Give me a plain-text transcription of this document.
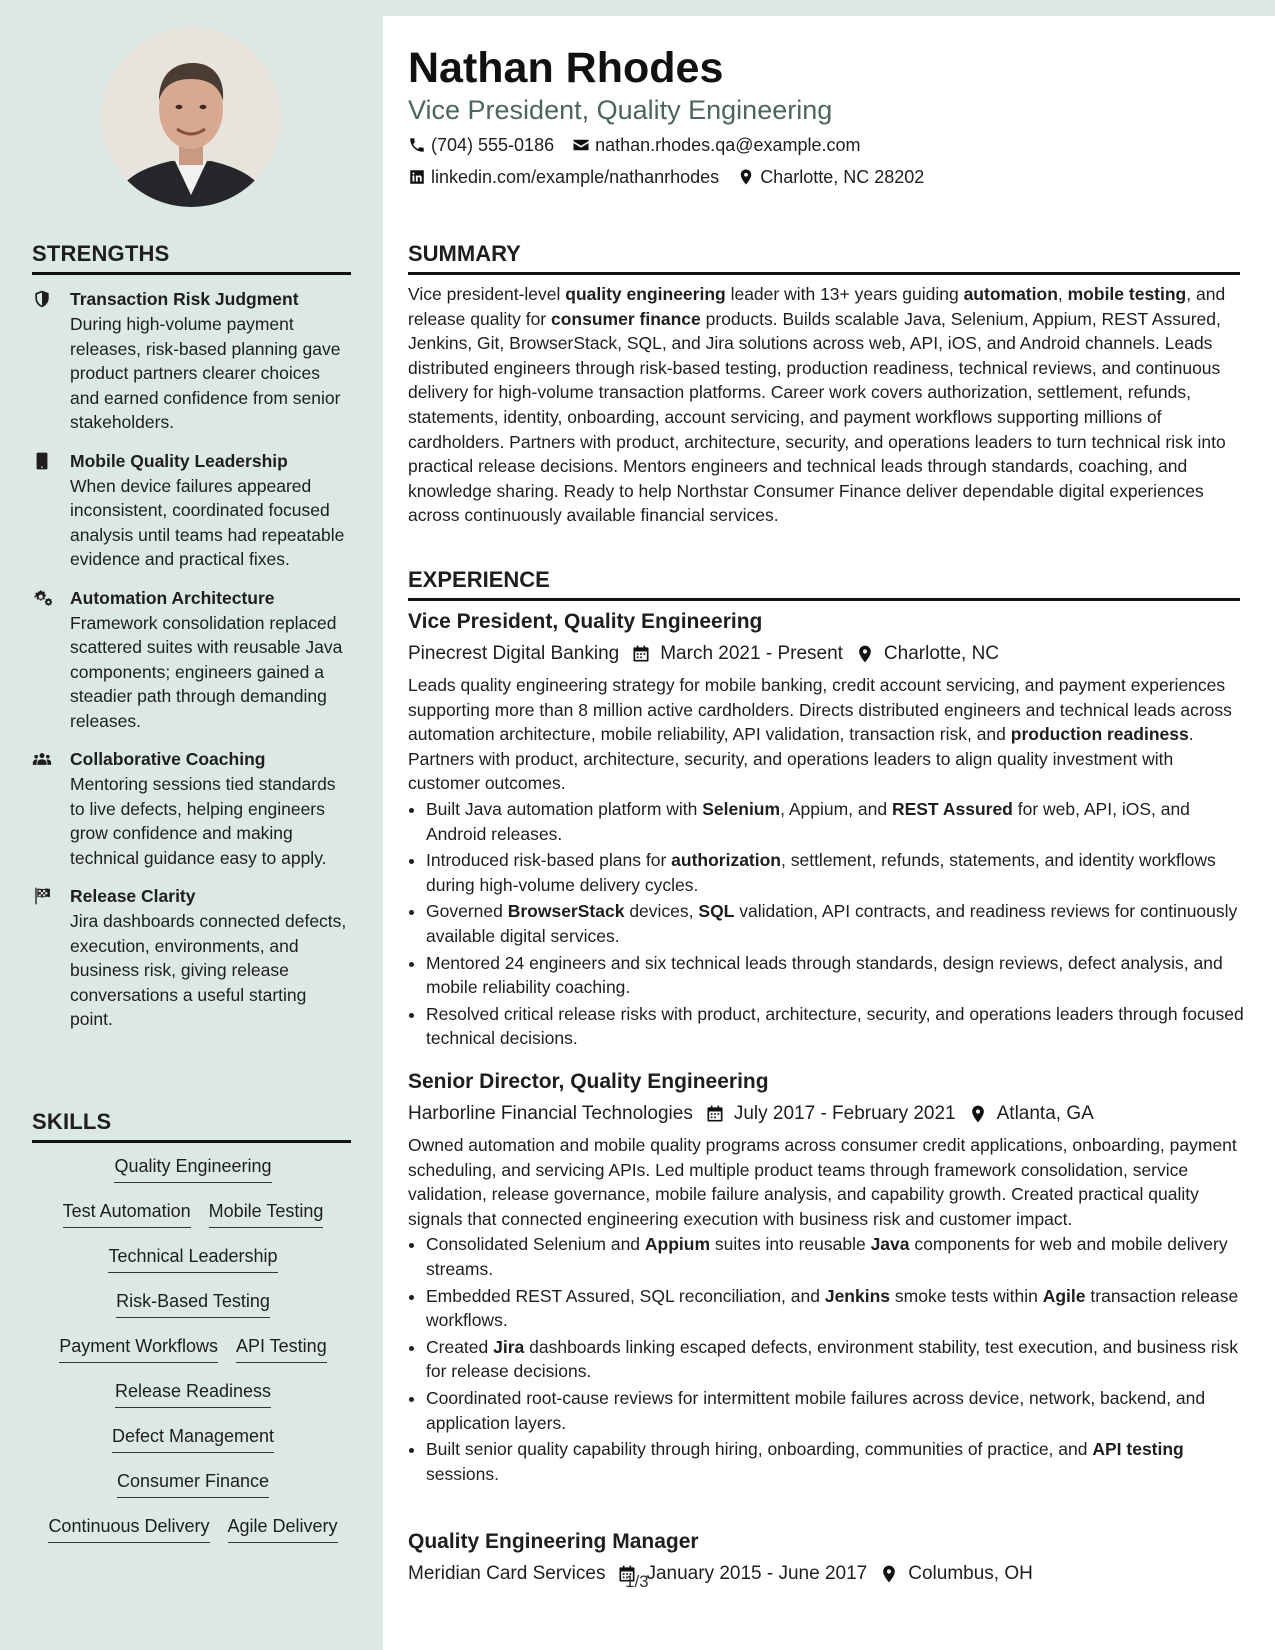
STRENGTHS
Transaction Risk Judgment
During high-volume payment releases, risk-based planning gave product partners clearer choices and earned confidence from senior stakeholders.
Mobile Quality Leadership
When device failures appeared inconsistent, coordinated focused analysis until teams had repeatable evidence and practical fixes.
Automation Architecture
Framework consolidation replaced scattered suites with reusable Java components; engineers gained a steadier path through demanding releases.
Collaborative Coaching
Mentoring sessions tied standards to live defects, helping engineers grow confidence and making technical guidance easy to apply.
Release Clarity
Jira dashboards connected defects, execution, environments, and business risk, giving release conversations a useful starting point.
SKILLS
Quality Engineering
Test Automation Mobile Testing
Technical Leadership
Risk-Based Testing
Payment Workflows API Testing
Release Readiness
Defect Management
Consumer Finance
Continuous Delivery Agile Delivery
Nathan Rhodes
Vice President, Quality Engineering
(704) 555-0186 nathan.rhodes.qa@example.com
linkedin.com/example/nathanrhodes Charlotte, NC 28202
SUMMARY
Vice president-level quality engineering leader with 13+ years guiding automation, mobile testing, and release quality for consumer finance products. Builds scalable Java, Selenium, Appium, REST Assured, Jenkins, Git, BrowserStack, SQL, and Jira solutions across web, API, iOS, and Android channels. Leads distributed engineers through risk-based testing, production readiness, technical reviews, and continuous delivery for high-volume transaction platforms. Career work covers authorization, settlement, refunds, statements, identity, onboarding, account servicing, and payment workflows supporting millions of cardholders. Partners with product, architecture, security, and operations leaders to turn technical risk into practical release decisions. Mentors engineers and technical leads through standards, coaching, and knowledge sharing. Ready to help Northstar Consumer Finance deliver dependable digital experiences across continuously available financial services.
EXPERIENCE
Vice President, Quality Engineering
Pinecrest Digital Banking March 2021 - Present Charlotte, NC
Leads quality engineering strategy for mobile banking, credit account servicing, and payment experiences supporting more than 8 million active cardholders. Directs distributed engineers and technical leads across automation architecture, mobile reliability, API validation, transaction risk, and production readiness. Partners with product, architecture, security, and operations leaders to align quality investment with customer outcomes.
• Built Java automation platform with Selenium, Appium, and REST Assured for web, API, iOS, and Android releases.
• Introduced risk-based plans for authorization, settlement, refunds, statements, and identity workflows during high-volume delivery cycles.
• Governed BrowserStack devices, SQL validation, API contracts, and readiness reviews for continuously available digital services.
• Mentored 24 engineers and six technical leads through standards, design reviews, defect analysis, and mobile reliability coaching.
• Resolved critical release risks with product, architecture, security, and operations leaders through focused technical decisions.
Senior Director, Quality Engineering
Harborline Financial Technologies July 2017 - February 2021 Atlanta, GA
Owned automation and mobile quality programs across consumer credit applications, onboarding, payment scheduling, and servicing APIs. Led multiple product teams through framework consolidation, service validation, release governance, mobile failure analysis, and capability growth. Created practical quality signals that connected engineering execution with business risk and customer impact.
• Consolidated Selenium and Appium suites into reusable Java components for web and mobile delivery streams.
• Embedded REST Assured, SQL reconciliation, and Jenkins smoke tests within Agile transaction release workflows.
• Created Jira dashboards linking escaped defects, environment stability, test execution, and business risk for release decisions.
• Coordinated root-cause reviews for intermittent mobile failures across device, network, backend, and application layers.
• Built senior quality capability through hiring, onboarding, communities of practice, and API testing sessions.
Quality Engineering Manager
Meridian Card Services January 2015 - June 2017 Columbus, OH
1/3
